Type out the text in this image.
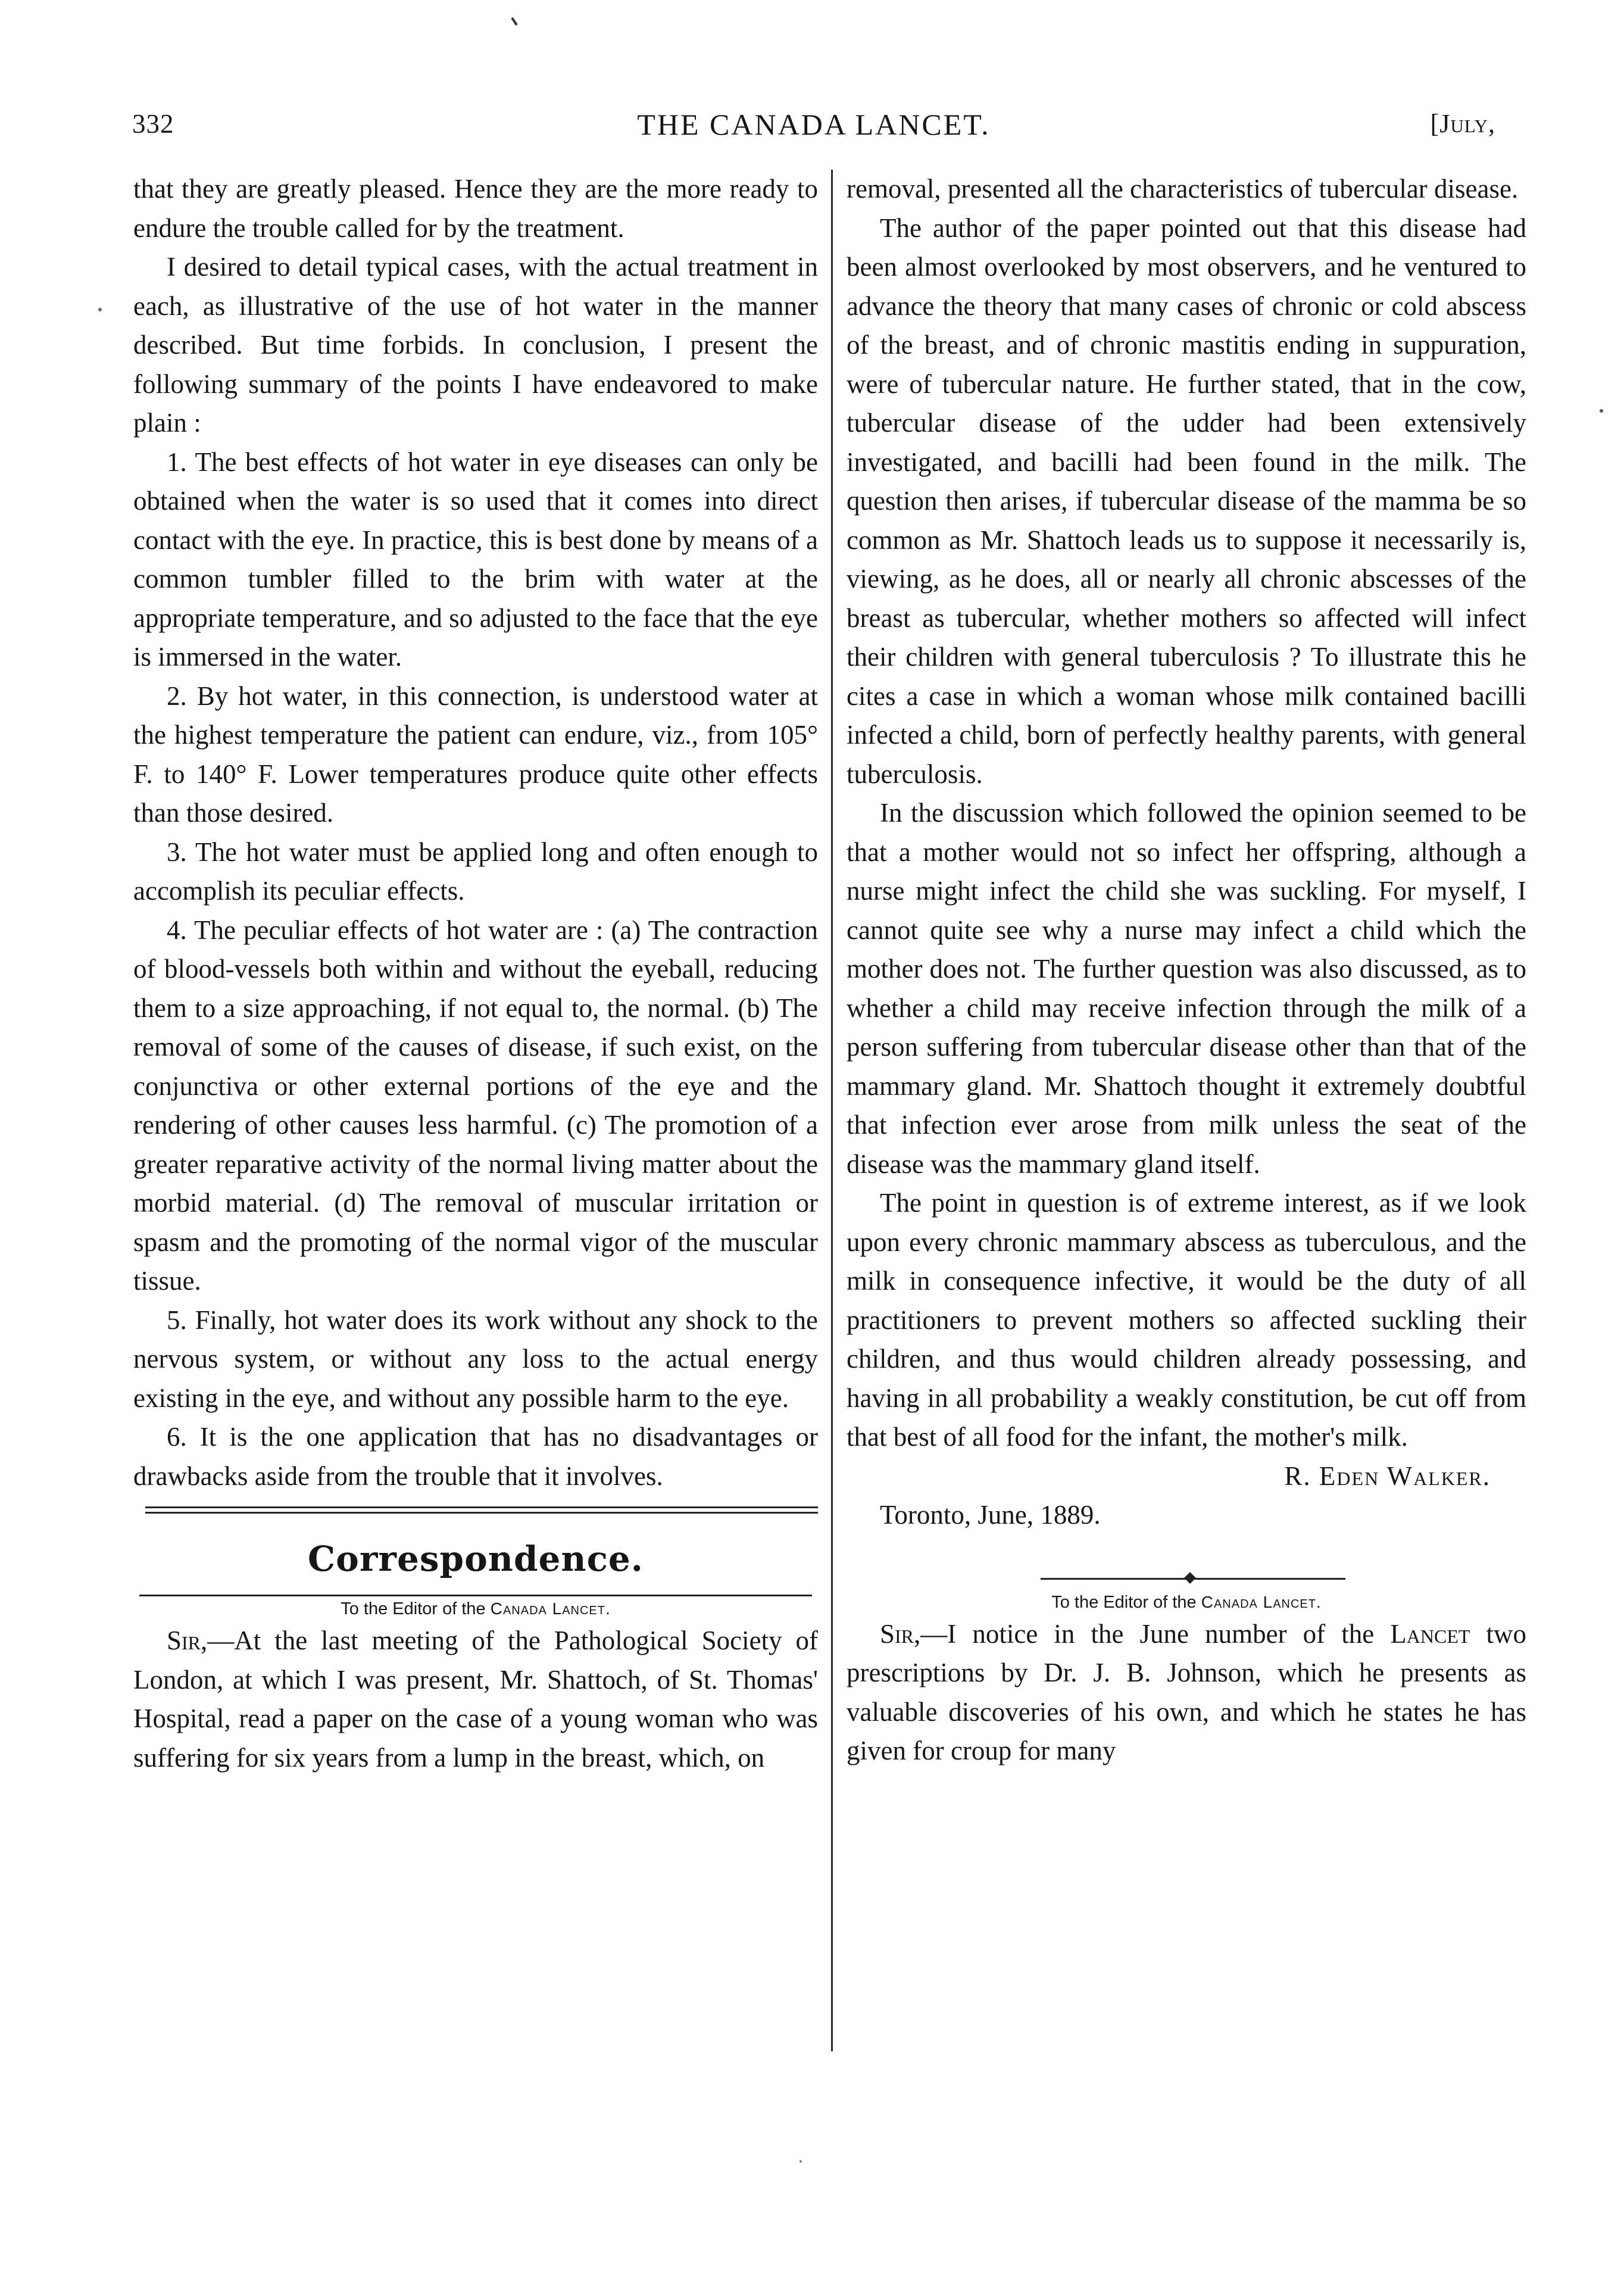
332	THE CANADA LANCET.	[July,

that they are greatly pleased. Hence they are the more ready to endure the trouble called for by the treatment.

I desired to detail typical cases, with the actual treatment in each, as illustrative of the use of hot water in the manner described. But time forbids. In conclusion, I present the following summary of the points I have endeavored to make plain :

1. The best effects of hot water in eye diseases can only be obtained when the water is so used that it comes into direct contact with the eye. In practice, this is best done by means of a common tumbler filled to the brim with water at the appropriate temperature, and so adjusted to the face that the eye is immersed in the water.

2. By hot water, in this connection, is understood water at the highest temperature the patient can endure, viz., from 105° F. to 140° F. Lower temperatures produce quite other effects than those desired.

3. The hot water must be applied long and often enough to accomplish its peculiar effects.

4. The peculiar effects of hot water are : (a) The contraction of blood-vessels both within and without the eyeball, reducing them to a size approaching, if not equal to, the normal. (b) The removal of some of the causes of disease, if such exist, on the conjunctiva or other external portions of the eye and the rendering of other causes less harmful. (c) The promotion of a greater reparative activity of the normal living matter about the morbid material. (d) The removal of muscular irritation or spasm and the promoting of the normal vigor of the muscular tissue.

5. Finally, hot water does its work without any shock to the nervous system, or without any loss to the actual energy existing in the eye, and without any possible harm to the eye.

6. It is the one application that has no disadvantages or drawbacks aside from the trouble that it involves.

Correspondence.

To the Editor of the Canada Lancet.

Sir,—At the last meeting of the Pathological Society of London, at which I was present, Mr. Shattoch, of St. Thomas' Hospital, read a paper on the case of a young woman who was suffering for six years from a lump in the breast, which, on

removal, presented all the characteristics of tubercular disease.

The author of the paper pointed out that this disease had been almost overlooked by most observers, and he ventured to advance the theory that many cases of chronic or cold abscess of the breast, and of chronic mastitis ending in suppuration, were of tubercular nature. He further stated, that in the cow, tubercular disease of the udder had been extensively investigated, and bacilli had been found in the milk. The question then arises, if tubercular disease of the mamma be so common as Mr. Shattoch leads us to suppose it necessarily is, viewing, as he does, all or nearly all chronic abscesses of the breast as tubercular, whether mothers so affected will infect their children with general tuberculosis ? To illustrate this he cites a case in which a woman whose milk contained bacilli infected a child, born of perfectly healthy parents, with general tuberculosis.

In the discussion which followed the opinion seemed to be that a mother would not so infect her offspring, although a nurse might infect the child she was suckling. For myself, I cannot quite see why a nurse may infect a child which the mother does not. The further question was also discussed, as to whether a child may receive infection through the milk of a person suffering from tubercular disease other than that of the mammary gland. Mr. Shattoch thought it extremely doubtful that infection ever arose from milk unless the seat of the disease was the mammary gland itself.

The point in question is of extreme interest, as if we look upon every chronic mammary abscess as tuberculous, and the milk in consequence infective, it would be the duty of all practitioners to prevent mothers so affected suckling their children, and thus would children already possessing, and having in all probability a weakly constitution, be cut off from that best of all food for the infant, the mother's milk.

R. Eden Walker.

Toronto, June, 1889.

To the Editor of the Canada Lancet.

Sir,—I notice in the June number of the Lancet two prescriptions by Dr. J. B. Johnson, which he presents as valuable discoveries of his own, and which he states he has given for croup for many
